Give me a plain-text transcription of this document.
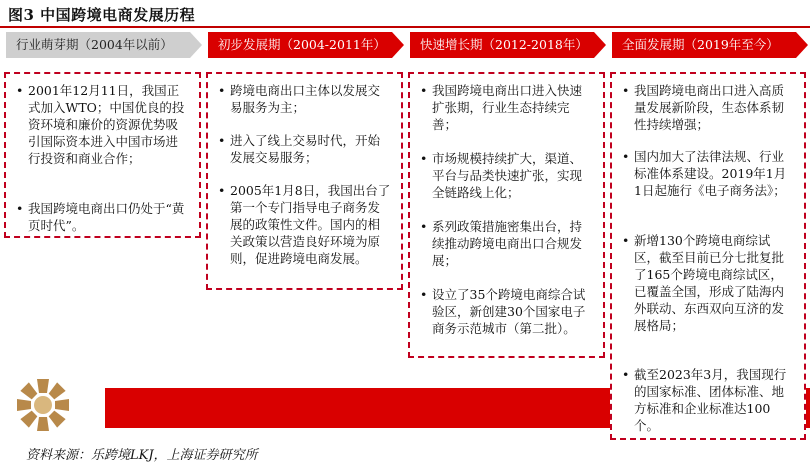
图3 中国跨境电商发展历程
行业萌芽期（2004年以前）	初步发展期（2004-2011年）	快速增长期（2012-2018年）	全面发展期（2019年至今）
• 2001年12月11日，我国正式加入WTO；中国优良的投资环境和廉价的资源优势吸引国际资本进入中国市场进行投资和商业合作；
• 我国跨境电商出口仍处于“黄页时代”。
• 跨境电商出口主体以发展交易服务为主；
• 进入了线上交易时代，开始发展交易服务；
• 2005年1月8日，我国出台了第一个专门指导电子商务发展的政策性文件。国内的相关政策以营造良好环境为原则，促进跨境电商发展。
• 我国跨境电商出口进入快速扩张期，行业生态持续完善；
• 市场规模持续扩大，渠道、平台与品类快速扩张，实现全链路线上化；
• 系列政策措施密集出台，持续推动跨境电商出口合规发展；
• 设立了35个跨境电商综合试验区，新创建30个国家电子商务示范城市（第二批）。
• 我国跨境电商出口进入高质量发展新阶段，生态体系韧性持续增强；
• 国内加大了法律法规、行业标准体系建设。2019年1月1日起施行《电子商务法》；
• 新增130个跨境电商综试区，截至目前已分七批复批了165个跨境电商综试区，已覆盖全国，形成了陆海内外联动、东西双向互济的发展格局；
• 截至2023年3月，我国现行的国家标准、团体标准、地方标准和企业标准达100个。
资料来源：乐跨境LKJ，上海证券研究所
